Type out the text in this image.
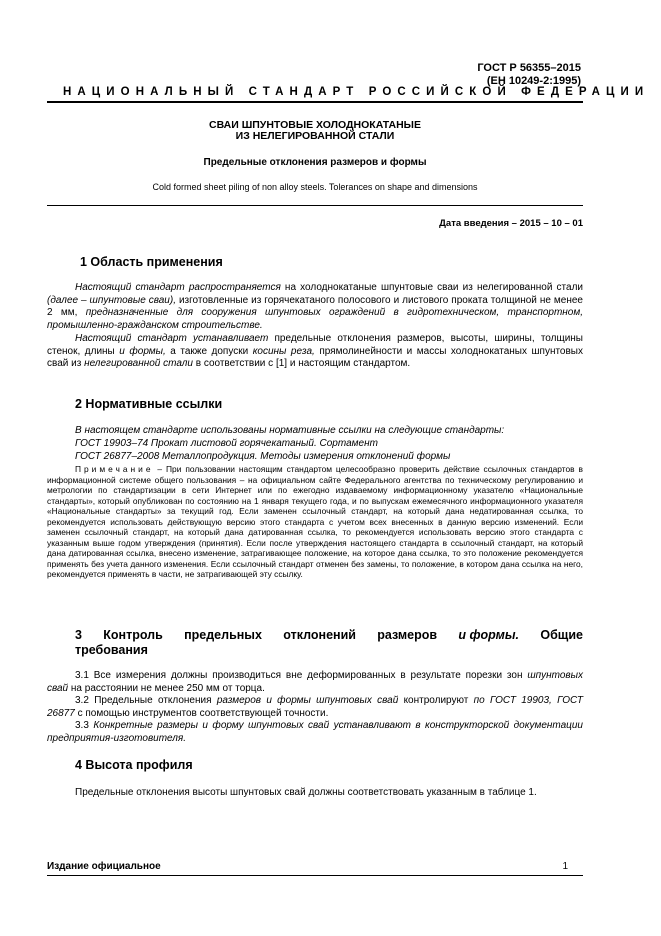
ГОСТ Р 56355–2015
(EH 10249-2:1995)
НАЦИОНАЛЬНЫЙ СТАНДАРТ РОССИЙСКОЙ ФЕДЕРАЦИИ
СВАИ ШПУНТОВЫЕ ХОЛОДНОКАТАНЫЕ
ИЗ НЕЛЕГИРОВАННОЙ СТАЛИ
Предельные отклонения размеров и формы
Cold formed sheet piling of non alloy steels. Tolerances on shape and dimensions
Дата введения – 2015 – 10 – 01
1 Область применения
Настоящий стандарт распространяется на холоднокатаные шпунтовые сваи из нелегированной стали (далее – шпунтовые сваи), изготовленные из горячекатаного полосового и листового проката толщиной не менее 2 мм, предназначенные для сооружения шпунтовых ограждений в гидротехническом, транспортном, промышленно-гражданском строительстве.
Настоящий стандарт устанавливает предельные отклонения размеров, высоты, ширины, толщины стенок, длины и формы, а также допуски косины реза, прямолинейности и массы холоднокатаных шпунтовых свай из нелегированной стали в соответствии с [1] и настоящим стандартом.
2 Нормативные ссылки
В настоящем стандарте использованы нормативные ссылки на следующие стандарты:
ГОСТ 19903–74 Прокат листовой горячекатаный. Сортамент
ГОСТ 26877–2008 Металлопродукция. Методы измерения отклонений формы
Примечание – При пользовании настоящим стандартом целесообразно проверить действие ссылочных стандартов в информационной системе общего пользования – на официальном сайте Федерального агентства по техническому регулированию и метрологии по стандартизации в сети Интернет или по ежегодно издаваемому информационному указателю «Национальные стандарты», который опубликован по состоянию на 1 января текущего года, и по выпускам ежемесячного информационного указателя «Национальные стандарты» за текущий год. Если заменен ссылочный стандарт, на который дана недатированная ссылка, то рекомендуется использовать действующую версию этого стандарта с учетом всех внесенных в данную версию изменений. Если заменен ссылочный стандарт, на который дана датированная ссылка, то рекомендуется использовать версию этого стандарта с указанным выше годом утверждения (принятия). Если после утверждения настоящего стандарта в ссылочный стандарт, на который дана датированная ссылка, внесено изменение, затрагивающее положение, на которое дана ссылка, то это положение рекомендуется применять без учета данного изменения. Если ссылочный стандарт отменен без замены, то положение, в котором дана ссылка на него, рекомендуется применять в части, не затрагивающей эту ссылку.
3 Контроль предельных отклонений размеров и формы. Общие
требования
3.1 Все измерения должны производиться вне деформированных в результате порезки зон шпунтовых свай на расстоянии не менее 250 мм от торца.
3.2 Предельные отклонения размеров и формы шпунтовых свай контролируют по ГОСТ 19903, ГОСТ 26877 с помощью инструментов соответствующей точности.
3.3 Конкретные размеры и форму шпунтовых свай устанавливают в конструкторской документации предприятия-изготовителя.
4 Высота профиля
Предельные отклонения высоты шпунтовых свай должны соответствовать указанным в таблице 1.
Издание официальное	1
